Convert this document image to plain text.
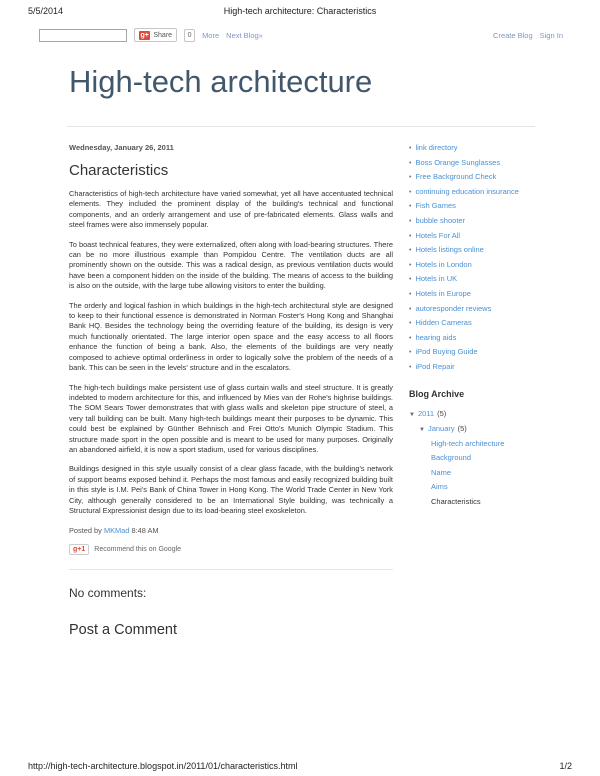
5/5/2014	High-tech architecture: Characteristics
g+ Share	0	More Next Blog»	Create Blog Sign In
High-tech architecture
Wednesday, January 26, 2011
Characteristics

Characteristics of high-tech architecture have varied somewhat, yet all have accentuated technical elements. They included the prominent display of the building's technical and functional components, and an orderly arrangement and use of pre-fabricated elements. Glass walls and steel frames were also immensely popular.

To boast technical features, they were externalized, often along with load-bearing structures. There can be no more illustrious example than Pompidou Centre. The ventilation ducts are all prominently shown on the outside. This was a radical design, as previous ventilation ducts would have been a component hidden on the inside of the building. The means of access to the building is also on the outside, with the large tube allowing visitors to enter the building.

The orderly and logical fashion in which buildings in the high-tech architectural style are designed to keep to their functional essence is demonstrated in Norman Foster's Hong Kong and Shanghai Bank HQ. Besides the technology being the overriding feature of the building, its design is very much functionally orientated. The large interior open space and the easy access to all floors enhance the function of being a bank. Also, the elements of the buildings are very neatly composed to achieve optimal orderliness in order to logically solve the problem of the needs of a bank. This can be seen in the levels' structure and in the escalators.

The high-tech buildings make persistent use of glass curtain walls and steel structure. It is greatly indebted to modern architecture for this, and influenced by Mies van der Rohe's highrise buildings. The SOM Sears Tower demonstrates that with glass walls and skeleton pipe structure of steel, a very tall building can be built. Many high-tech buildings meant their purposes to be dynamic. This could best be explained by Günther Behnisch and Frei Otto's Munich Olympic Stadium. This structure made sport in the open possible and is meant to be used for many purposes. Originally an abandoned airfield, it is now a sport stadium, used for various disciplines.

Buildings designed in this style usually consist of a clear glass facade, with the building's network of support beams exposed behind it. Perhaps the most famous and easily recognized building built in this style is I.M. Pei's Bank of China Tower in Hong Kong. The World Trade Center in New York City, although generally considered to be an International Style building, was technically a Structural Expressionist design due to its load-bearing steel exoskeleton.

Posted by MKMad 8:48 AM
g+1	Recommend this on Google
No comments:
Post a Comment
• link directory
• Boss Orange Sunglasses
• Free Background Check
• continuing education insurance
• Fish Games
• bubble shooter
• Hotels For All
• Hotels listings online
• Hotels in London
• Hotels in UK
• Hotels in Europe
• autoresponder reviews
• Hidden Cameras
• hearing aids
• iPod Buying Guide
• iPod Repair
Blog Archive
▼ 2011 (5)
▼ January (5)
High-tech architecture
Background
Name
Aims
Characteristics
http://high-tech-architecture.blogspot.in/2011/01/characteristics.html	1/2
